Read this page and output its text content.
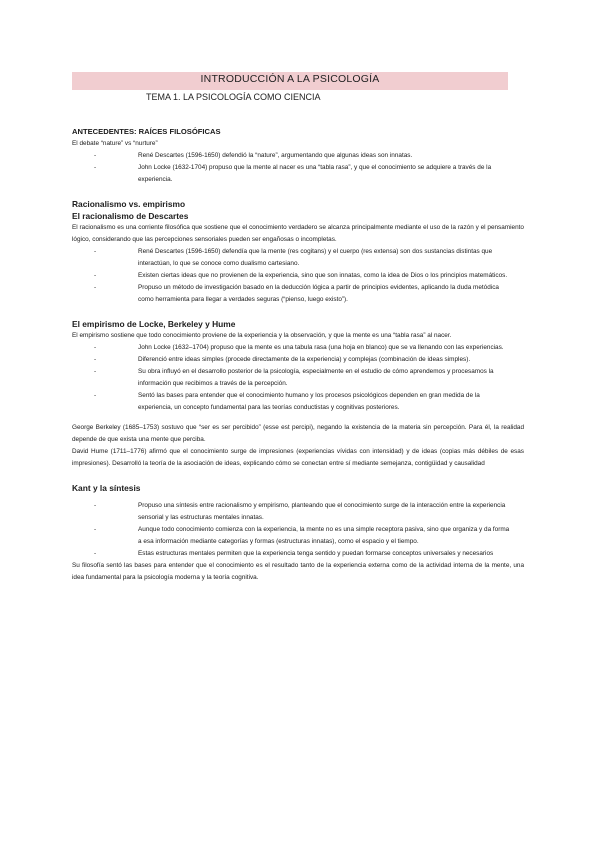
INTRODUCCIÓN A LA PSICOLOGÍA
TEMA 1. LA PSICOLOGÍA COMO CIENCIA

ANTECEDENTES: RAÍCES FILOSÓFICAS

El debate “nature” vs “nurture”

-	René Descartes (1596-1650) defendió la “nature”, argumentando que algunas ideas son innatas.
-	John Locke (1632-1704) propuso que la mente al nacer es una “tabla rasa”, y que el conocimiento se adquiere a través de la experiencia.

Racionalismo vs. empirismo

El racionalismo de Descartes

El racionalismo es una corriente filosófica que sostiene que el conocimiento verdadero se alcanza principalmente mediante el uso de la razón y el pensamiento lógico, considerando que las percepciones sensoriales pueden ser engañosas o incompletas.

-	René Descartes (1596-1650) defendía que la mente (res cogitans) y el cuerpo (res extensa) son dos sustancias distintas que interactúan, lo que se conoce como dualismo cartesiano.
-	Existen ciertas ideas que no provienen de la experiencia, sino que son innatas, como la idea de Dios o los principios matemáticos.
-	Propuso un método de investigación basado en la deducción lógica a partir de principios evidentes, aplicando la duda metódica como herramienta para llegar a verdades seguras (“pienso, luego existo”).

El empirismo de Locke, Berkeley y Hume

El empirismo sostiene que todo conocimiento proviene de la experiencia y la observación, y que la mente es una “tabla rasa” al nacer.

-	John Locke (1632–1704) propuso que la mente es una tabula rasa (una hoja en blanco) que se va llenando con las experiencias.
-	Diferenció entre ideas simples (procede directamente de la experiencia) y complejas (combinación de ideas simples).
-	Su obra influyó en el desarrollo posterior de la psicología, especialmente en el estudio de cómo aprendemos y procesamos la información que recibimos a través de la percepción.
-	Sentó las bases para entender que el conocimiento humano y los procesos psicológicos dependen en gran medida de la experiencia, un concepto fundamental para las teorías conductistas y cognitivas posteriores.

George Berkeley (1685–1753) sostuvo que “ser es ser percibido” (esse est percipi), negando la existencia de la materia sin percepción. Para él, la realidad depende de que exista una mente que perciba.

David Hume (1711–1776) afirmó que el conocimiento surge de impresiones (experiencias vívidas con intensidad) y de ideas (copias más débiles de esas impresiones). Desarrolló la teoría de la asociación de ideas, explicando cómo se conectan entre sí mediante semejanza, contigüidad y causalidad

Kant y la síntesis

-	Propuso una síntesis entre racionalismo y empirismo, planteando que el conocimiento surge de la interacción entre la experiencia sensorial y las estructuras mentales innatas.
-	Aunque todo conocimiento comienza con la experiencia, la mente no es una simple receptora pasiva, sino que organiza y da forma a esa información mediante categorías y formas (estructuras innatas), como el espacio y el tiempo.
-	Estas estructuras mentales permiten que la experiencia tenga sentido y puedan formarse conceptos universales y necesarios

Su filosofía sentó las bases para entender que el conocimiento es el resultado tanto de la experiencia externa como de la actividad interna de la mente, una idea fundamental para la psicología moderna y la teoría cognitiva.
